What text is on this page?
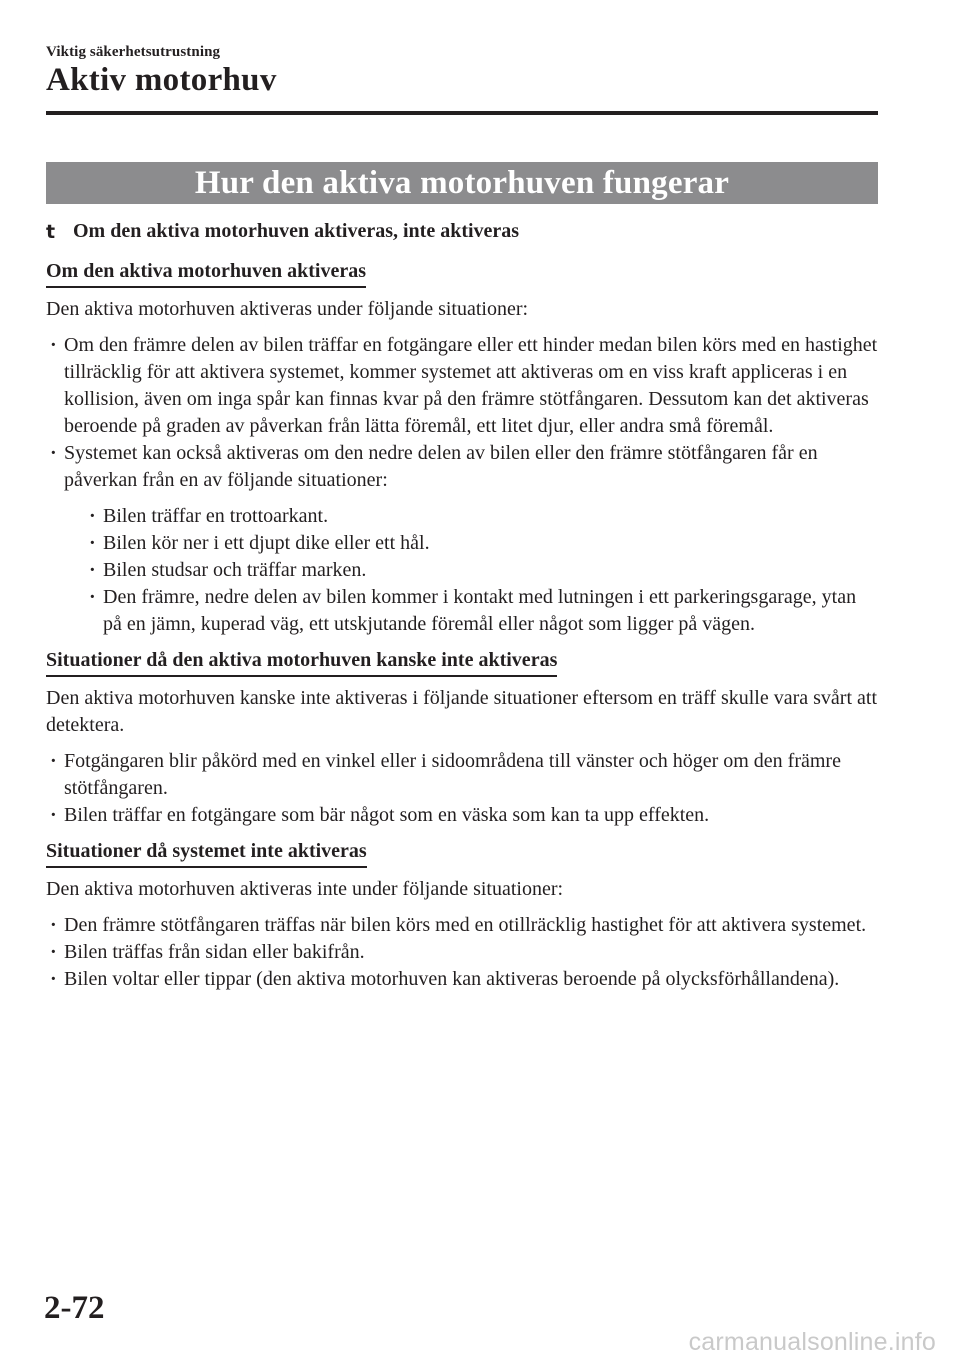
Viktig säkerhetsutrustning
Aktiv motorhuv
Hur den aktiva motorhuven fungerar
t Om den aktiva motorhuven aktiveras, inte aktiveras
Om den aktiva motorhuven aktiveras

Den aktiva motorhuven aktiveras under följande situationer:

· Om den främre delen av bilen träffar en fotgängare eller ett hinder medan bilen körs med en hastighet tillräcklig för att aktivera systemet, kommer systemet att aktiveras om en viss kraft appliceras i en kollision, även om inga spår kan finnas kvar på den främre stötfångaren. Dessutom kan det aktiveras beroende på graden av påverkan från lätta föremål, ett litet djur, eller andra små föremål.
· Systemet kan också aktiveras om den nedre delen av bilen eller den främre stötfångaren får en påverkan från en av följande situationer:
· Bilen träffar en trottoarkant.
· Bilen kör ner i ett djupt dike eller ett hål.
· Bilen studsar och träffar marken.
· Den främre, nedre delen av bilen kommer i kontakt med lutningen i ett parkeringsgarage, ytan på en jämn, kuperad väg, ett utskjutande föremål eller något som ligger på vägen.
Situationer då den aktiva motorhuven kanske inte aktiveras

Den aktiva motorhuven kanske inte aktiveras i följande situationer eftersom en träff skulle vara svårt att detektera.

· Fotgängaren blir påkörd med en vinkel eller i sidoområdena till vänster och höger om den främre stötfångaren.
· Bilen träffar en fotgängare som bär något som en väska som kan ta upp effekten.
Situationer då systemet inte aktiveras

Den aktiva motorhuven aktiveras inte under följande situationer:

· Den främre stötfångaren träffas när bilen körs med en otillräcklig hastighet för att aktivera systemet.
· Bilen träffas från sidan eller bakifrån.
· Bilen voltar eller tippar (den aktiva motorhuven kan aktiveras beroende på olycksförhållandena).
2-72
carmanualsonline.info
